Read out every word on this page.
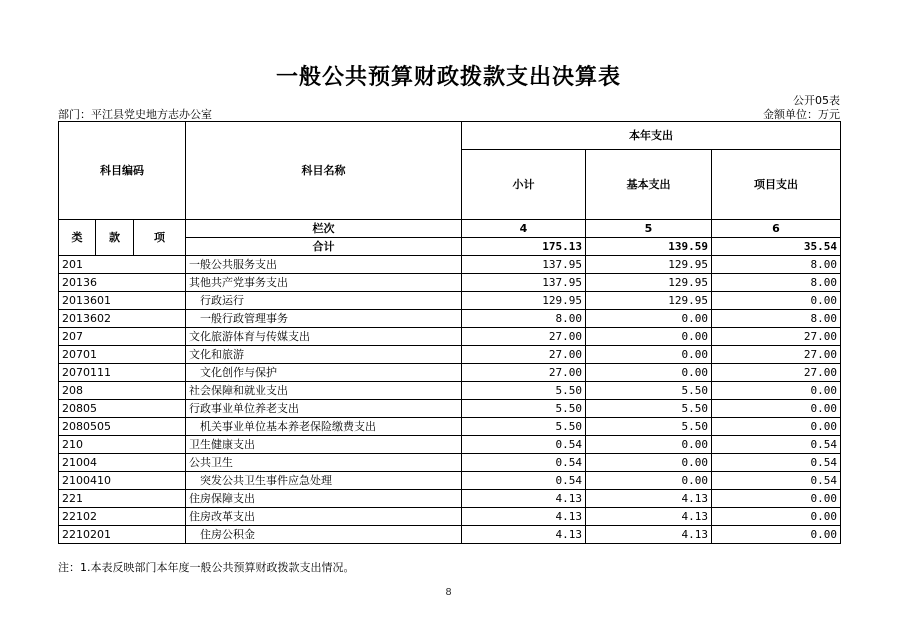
一般公共预算财政拨款支出决算表
公开05表
部门：平江县党史地方志办公室	金额单位：万元
科目编码			科目名称	本年支出		
				小计	基本支出	项目支出
类	款	项	栏次	4	5	6
			合计	175.13	139.59	35.54
201			一般公共服务支出	137.95	129.95	8.00
20136			其他共产党事务支出	137.95	129.95	8.00
2013601			行政运行	129.95	129.95	0.00
2013602			一般行政管理事务	8.00	0.00	8.00
207			文化旅游体育与传媒支出	27.00	0.00	27.00
20701			文化和旅游	27.00	0.00	27.00
2070111			文化创作与保护	27.00	0.00	27.00
208			社会保障和就业支出	5.50	5.50	0.00
20805			行政事业单位养老支出	5.50	5.50	0.00
2080505			机关事业单位基本养老保险缴费支出	5.50	5.50	0.00
210			卫生健康支出	0.54	0.00	0.54
21004			公共卫生	0.54	0.00	0.54
2100410			突发公共卫生事件应急处理	0.54	0.00	0.54
221			住房保障支出	4.13	4.13	0.00
22102			住房改革支出	4.13	4.13	0.00
2210201			住房公积金	4.13	4.13	0.00
注：1.本表反映部门本年度一般公共预算财政拨款支出情况。
8
